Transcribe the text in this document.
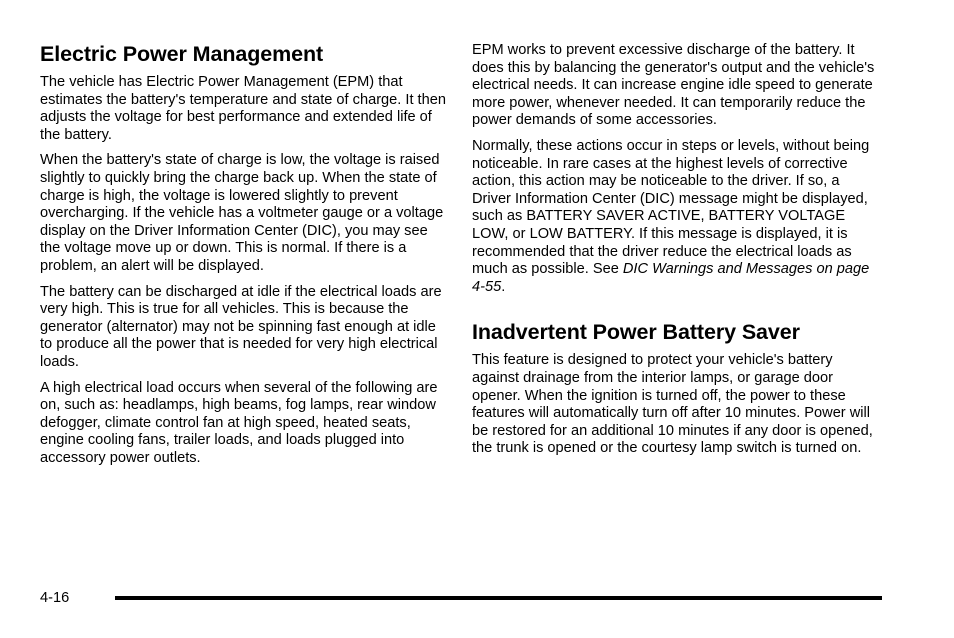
Electric Power Management

The vehicle has Electric Power Management (EPM) that estimates the battery's temperature and state of charge. It then adjusts the voltage for best performance and extended life of the battery.

When the battery's state of charge is low, the voltage is raised slightly to quickly bring the charge back up. When the state of charge is high, the voltage is lowered slightly to prevent overcharging. If the vehicle has a voltmeter gauge or a voltage display on the Driver Information Center (DIC), you may see the voltage move up or down. This is normal. If there is a problem, an alert will be displayed.

The battery can be discharged at idle if the electrical loads are very high. This is true for all vehicles. This is because the generator (alternator) may not be spinning fast enough at idle to produce all the power that is needed for very high electrical loads.

A high electrical load occurs when several of the following are on, such as: headlamps, high beams, fog lamps, rear window defogger, climate control fan at high speed, heated seats, engine cooling fans, trailer loads, and loads plugged into accessory power outlets.

EPM works to prevent excessive discharge of the battery. It does this by balancing the generator's output and the vehicle's electrical needs. It can increase engine idle speed to generate more power, whenever needed. It can temporarily reduce the power demands of some accessories.

Normally, these actions occur in steps or levels, without being noticeable. In rare cases at the highest levels of corrective action, this action may be noticeable to the driver. If so, a Driver Information Center (DIC) message might be displayed, such as BATTERY SAVER ACTIVE, BATTERY VOLTAGE LOW, or LOW BATTERY. If this message is displayed, it is recommended that the driver reduce the electrical loads as much as possible. See DIC Warnings and Messages on page 4-55.

Inadvertent Power Battery Saver

This feature is designed to protect your vehicle's battery against drainage from the interior lamps, or garage door opener. When the ignition is turned off, the power to these features will automatically turn off after 10 minutes. Power will be restored for an additional 10 minutes if any door is opened, the trunk is opened or the courtesy lamp switch is turned on.

4-16
